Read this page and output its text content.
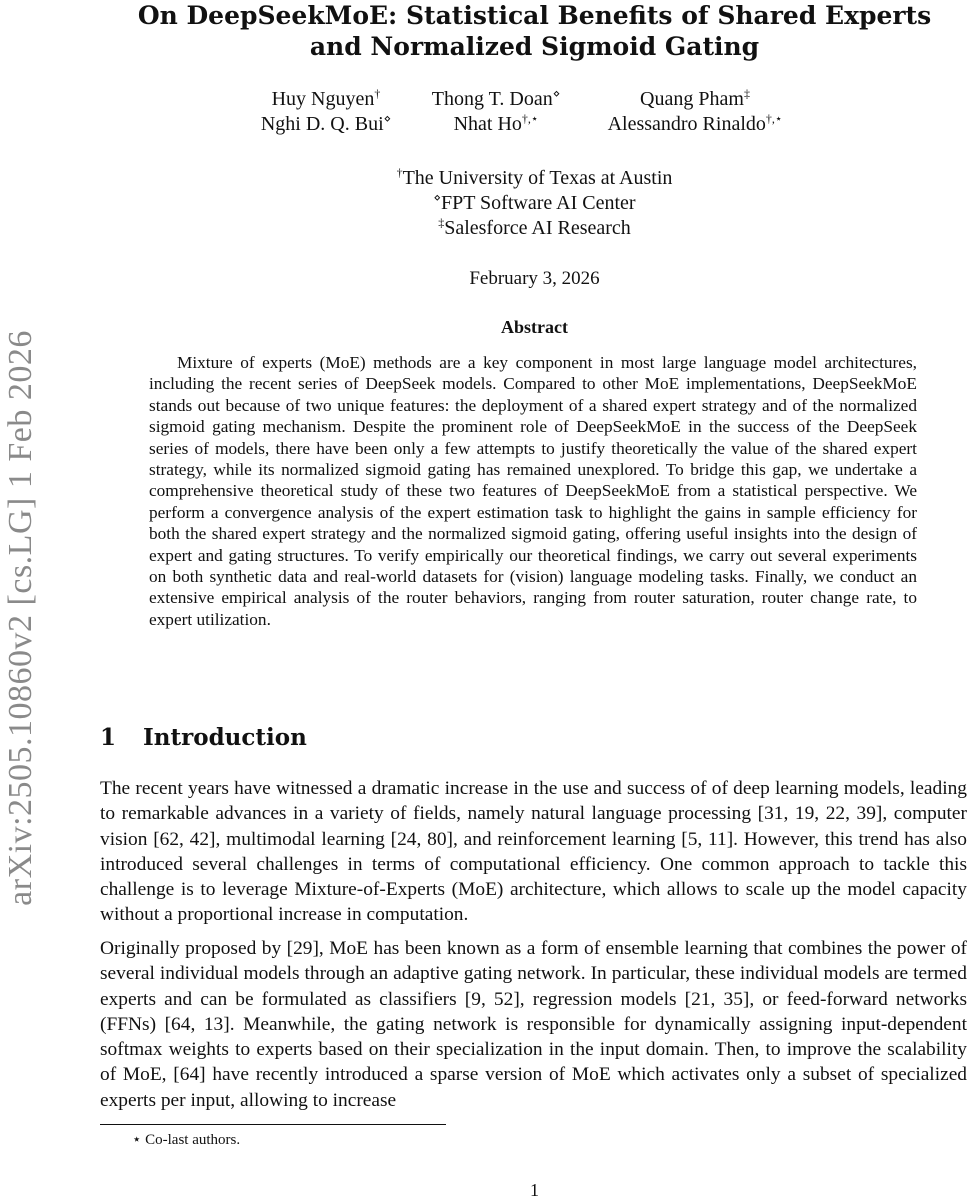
arXiv:2505.10860v2 [cs.LG] 1 Feb 2026
On DeepSeekMoE: Statistical Benefits of Shared Experts
and Normalized Sigmoid Gating
Huy Nguyen†	Thong T. Doan⋄	Quang Pham‡
Nghi D. Q. Bui⋄	Nhat Ho†,⋆	Alessandro Rinaldo†,⋆
†The University of Texas at Austin
⋄FPT Software AI Center
‡Salesforce AI Research
February 3, 2026
Abstract
Mixture of experts (MoE) methods are a key component in most large language model architectures, including the recent series of DeepSeek models. Compared to other MoE implementations, DeepSeekMoE stands out because of two unique features: the deployment of a shared expert strategy and of the normalized sigmoid gating mechanism. Despite the prominent role of DeepSeekMoE in the success of the DeepSeek series of models, there have been only a few attempts to justify theoretically the value of the shared expert strategy, while its normalized sigmoid gating has remained unexplored. To bridge this gap, we undertake a comprehensive theoretical study of these two features of DeepSeekMoE from a statistical perspective. We perform a convergence analysis of the expert estimation task to highlight the gains in sample efficiency for both the shared expert strategy and the normalized sigmoid gating, offering useful insights into the design of expert and gating structures. To verify empirically our theoretical findings, we carry out several experiments on both synthetic data and real-world datasets for (vision) language modeling tasks. Finally, we conduct an extensive empirical analysis of the router behaviors, ranging from router saturation, router change rate, to expert utilization.
1 Introduction
The recent years have witnessed a dramatic increase in the use and success of of deep learning models, leading to remarkable advances in a variety of fields, namely natural language processing [31, 19, 22, 39], computer vision [62, 42], multimodal learning [24, 80], and reinforcement learning [5, 11]. However, this trend has also introduced several challenges in terms of computational efficiency. One common approach to tackle this challenge is to leverage Mixture-of-Experts (MoE) architecture, which allows to scale up the model capacity without a proportional increase in computation.
Originally proposed by [29], MoE has been known as a form of ensemble learning that combines the power of several individual models through an adaptive gating network. In particular, these individual models are termed experts and can be formulated as classifiers [9, 52], regression models [21, 35], or feed-forward networks (FFNs) [64, 13]. Meanwhile, the gating network is responsible for dynamically assigning input-dependent softmax weights to experts based on their specialization in the input domain. Then, to improve the scalability of MoE, [64] have recently introduced a sparse version of MoE which activates only a subset of specialized experts per input, allowing to increase
⋆ Co-last authors.
1
